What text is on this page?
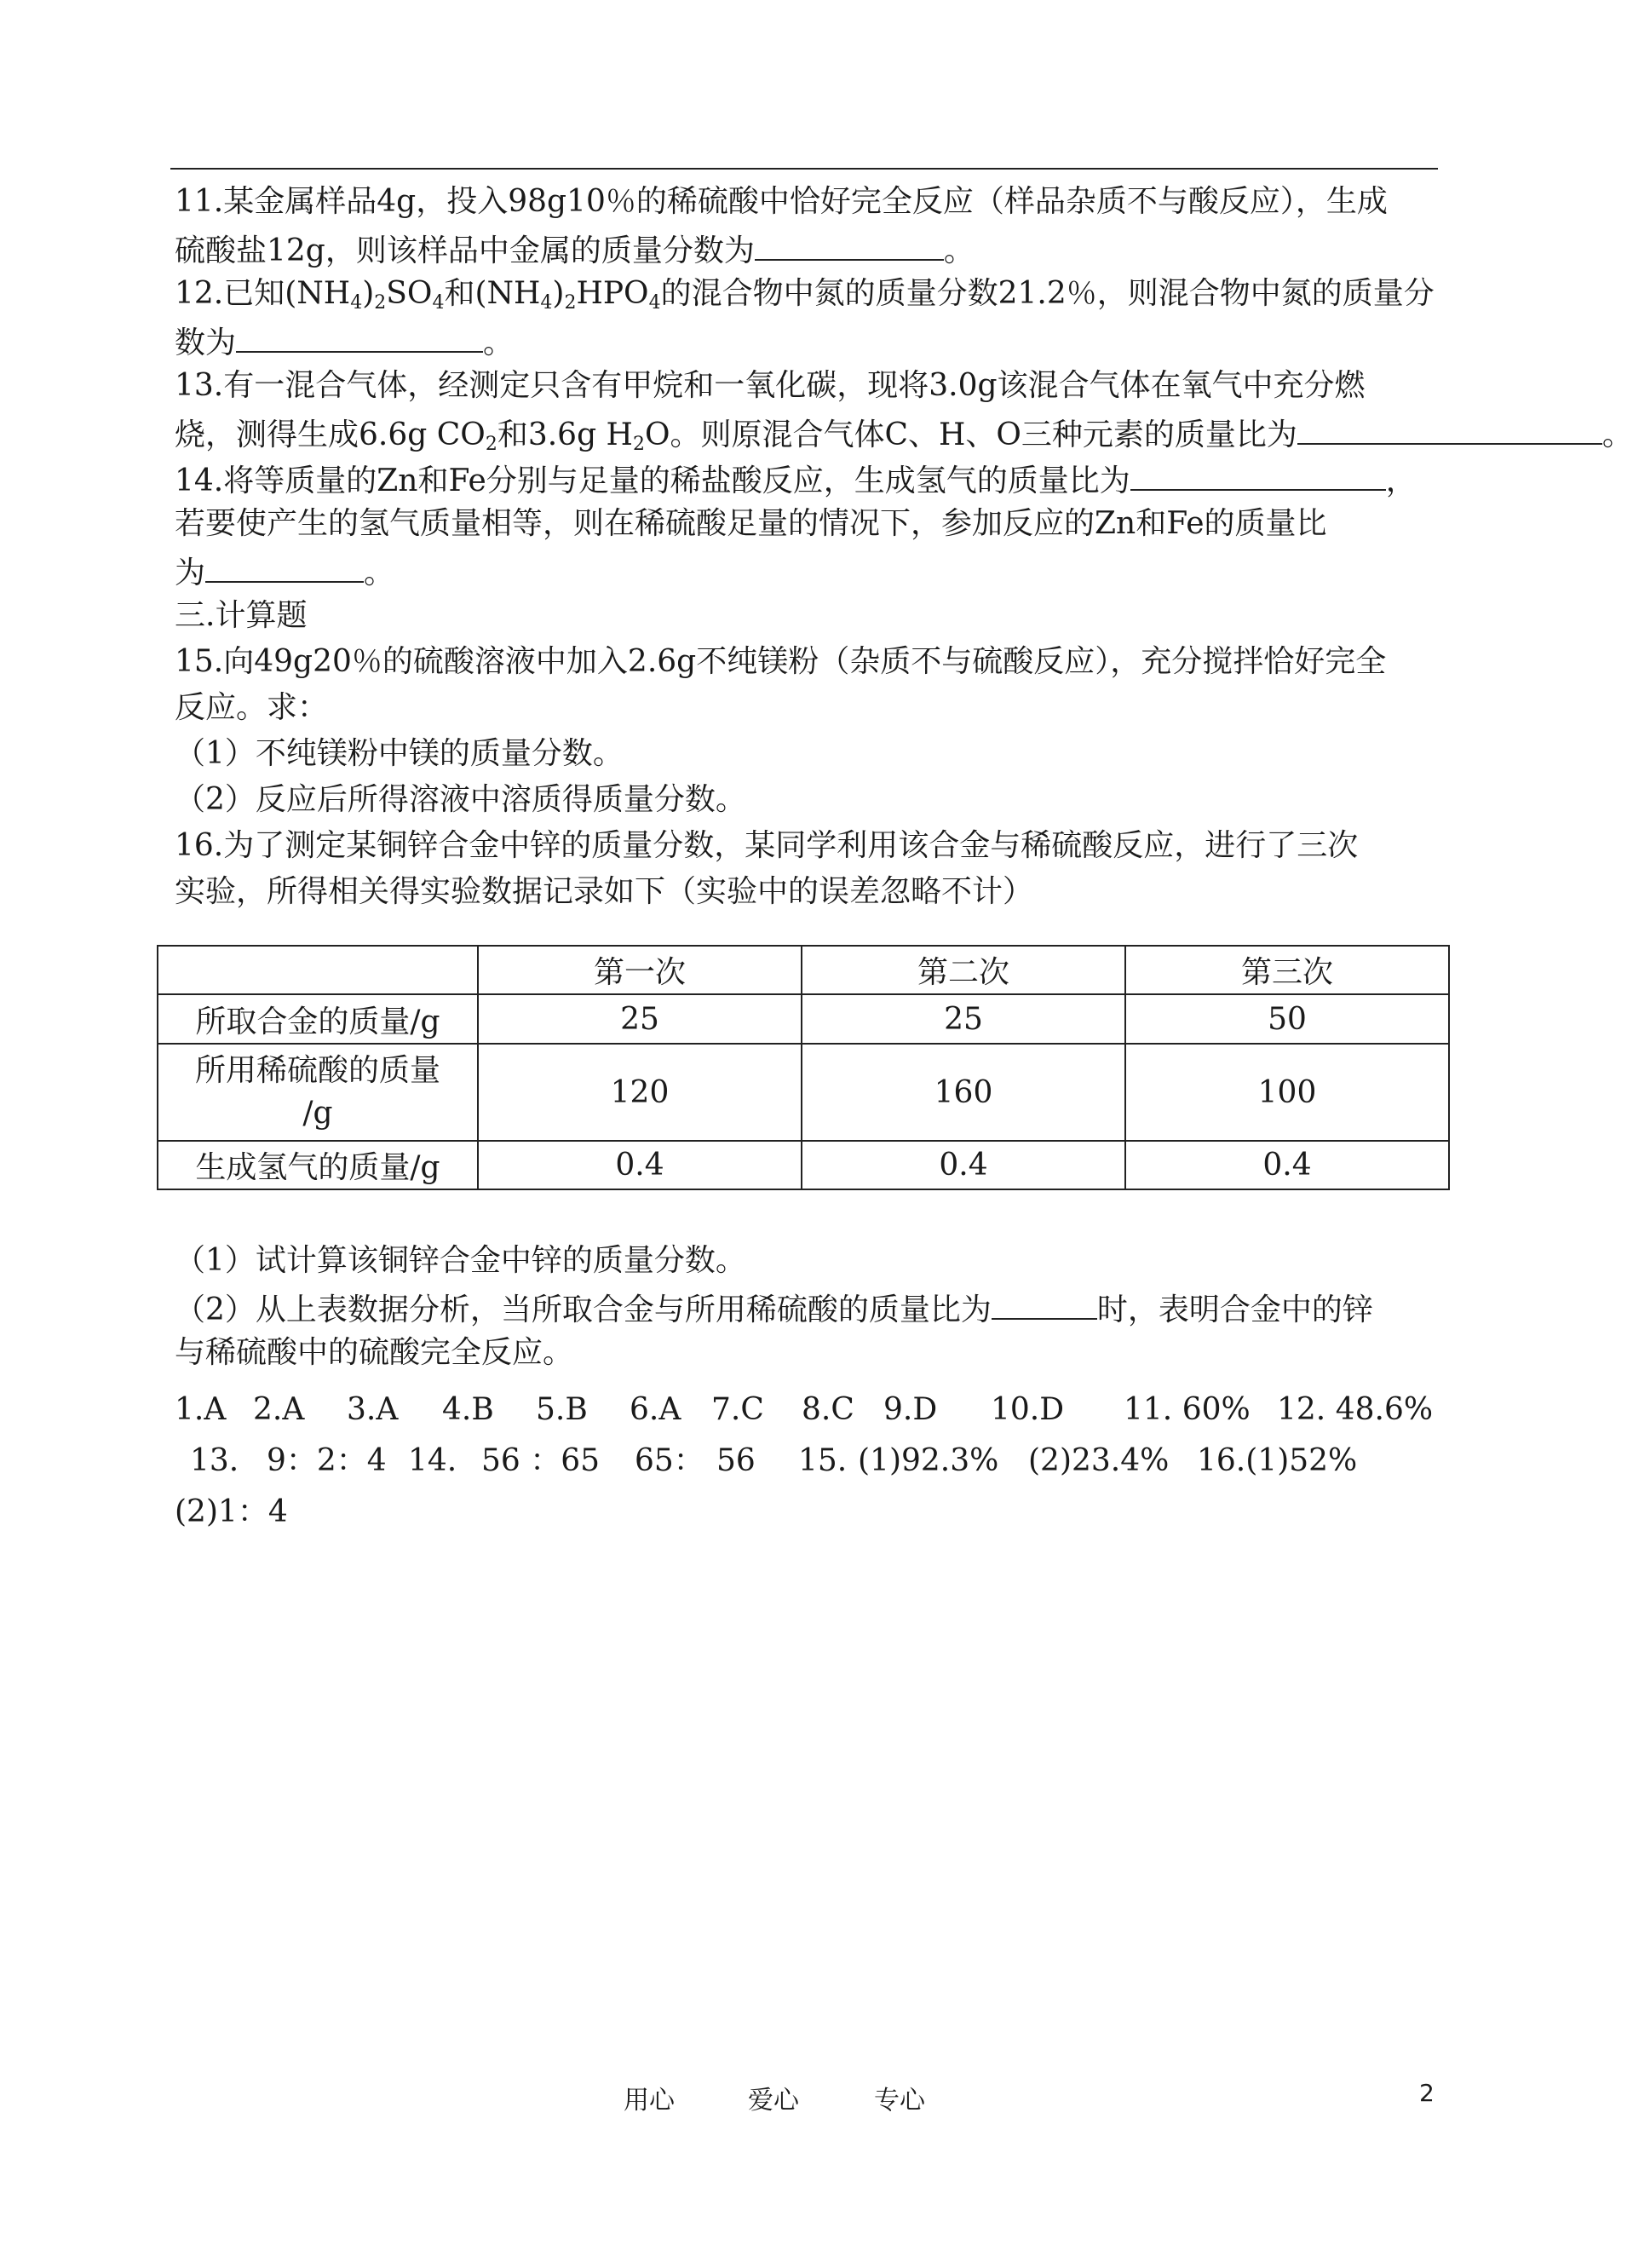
11.某金属样品4g，投入98g10％的稀硫酸中恰好完全反应（样品杂质不与酸反应），生成
硫酸盐12g，则该样品中金属的质量分数为	。
12.已知$(NH_4)_2SO_4$和$(NH_4)_2HPO_4$的混合物中氮的质量分数21.2％，则混合物中氮的质量分
数为	。
13.有一混合气体，经测定只含有甲烷和一氧化碳，现将3.0g该混合气体在氧气中充分燃
烧，测得生成6.6g $CO_2$和3.6g $H_2O$。则原混合气体C、H、O三种元素的质量比为	。
14.将等质量的Zn和Fe分别与足量的稀盐酸反应，生成氢气的质量比为	，
若要使产生的氢气质量相等，则在稀硫酸足量的情况下，参加反应的Zn和Fe的质量比
为	。
三.计算题
15.向49g20％的硫酸溶液中加入2.6g不纯镁粉（杂质不与硫酸反应），充分搅拌恰好完全
反应。求：
（1）不纯镁粉中镁的质量分数。
（2）反应后所得溶液中溶质得质量分数。
16.为了测定某铜锌合金中锌的质量分数，某同学利用该合金与稀硫酸反应，进行了三次
实验，所得相关得实验数据记录如下（实验中的误差忽略不计）
	第一次	第二次	第三次
所取合金的质量/g	25	25	50

所用稀硫酸的质量
/g	120	160	100
生成氢气的质量/g	0.4	0.4	0.4
（1）试计算该铜锌合金中锌的质量分数。
（2）从上表数据分析，当所取合金与所用稀硫酸的质量比为	时，表明合金中的锌
与稀硫酸中的硫酸完全反应。
1.A 2.A 3.A 4.B 5.B 6.A 7.C 8.C 9.D 10.D 11. 60% 12. 48.6%
13. 9：2：4 14. 56 ：65 65： 56 15. (1)92.3% (2)23.4% 16.(1)52%
(2)1：4
用心	爱心	专心	2
